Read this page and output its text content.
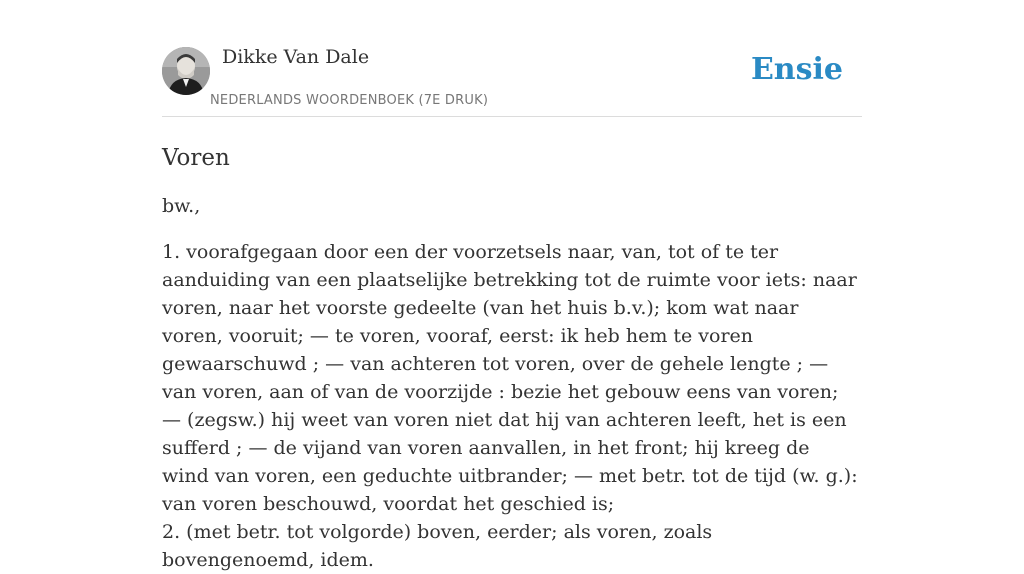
Dikke Van Dale
NEDERLANDS WOORDENBOEK (7E DRUK)
Ensie
Voren

bw.,

1. voorafgegaan door een der voorzetsels naar, van, tot of te ter aanduiding van een plaatselijke betrekking tot de ruimte voor iets: naar voren, naar het voorste gedeelte (van het huis b.v.); kom wat naar voren, vooruit; — te voren, vooraf, eerst: ik heb hem te voren gewaarschuwd ; — van achteren tot voren, over de gehele lengte ; — van voren, aan of van de voorzijde : bezie het gebouw eens van voren; — (zegsw.) hij weet van voren niet dat hij van achteren leeft, het is een sufferd ; — de vijand van voren aanvallen, in het front; hij kreeg de wind van voren, een geduchte uitbrander; — met betr. tot de tijd (w. g.): van voren beschouwd, voordat het geschied is;
2. (met betr. tot volgorde) boven, eerder; als voren, zoals bovengenoemd, idem.
